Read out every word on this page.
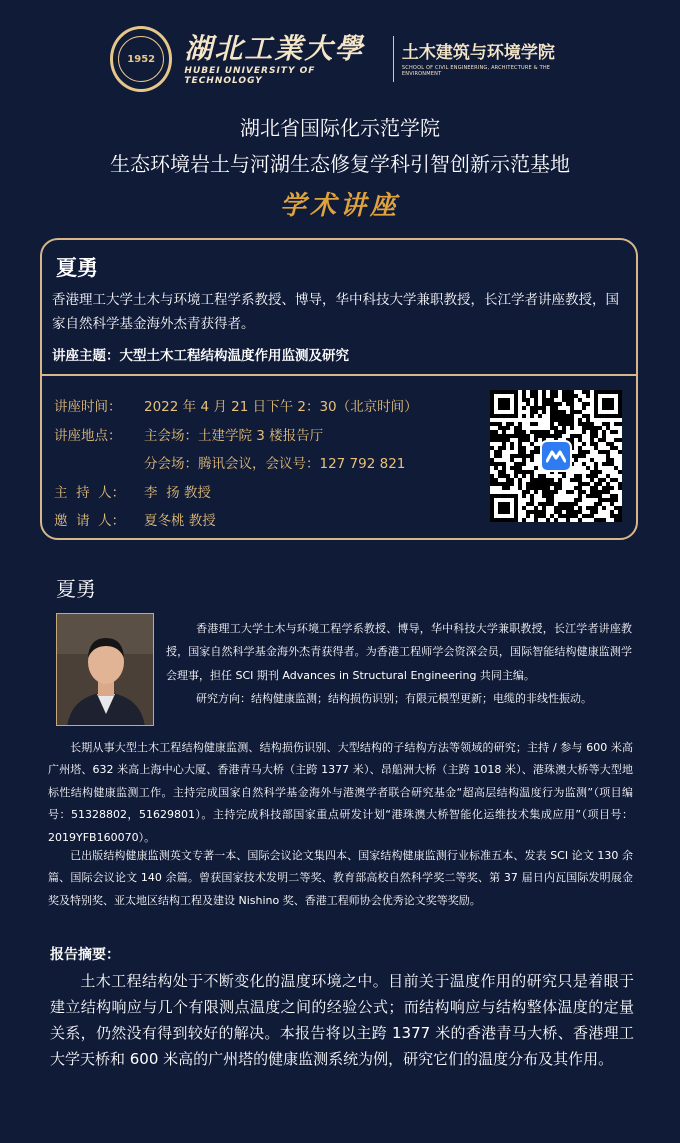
1952	湖北工業大學
HUBEI UNIVERSITY OF TECHNOLOGY
土木建筑与环境学院
SCHOOL OF CIVIL ENGINEERING, ARCHITECTURE & THE ENVIRONMENT
湖北省国际化示范学院
生态环境岩土与河湖生态修复学科引智创新示范基地
学术讲座
夏勇
香港理工大学土木与环境工程学系教授、博导，华中科技大学兼职教授，长江学者讲座教授，国家自然科学基金海外杰青获得者。
讲座主题：大型土木工程结构温度作用监测及研究
讲座时间：	2022 年 4 月 21 日下午 2：30（北京时间）
讲座地点：	主会场：土建学院 3 楼报告厅
分会场：腾讯会议，会议号：127 792 821
主  持  人：	李  扬 教授
邀  请  人：	夏冬桃 教授
夏勇
香港理工大学土木与环境工程学系教授、博导，华中科技大学兼职教授，长江学者讲座教授，国家自然科学基金海外杰青获得者。为香港工程师学会资深会员，国际智能结构健康监测学会理事，担任 SCI 期刊 Advances in Structural Engineering 共同主编。
研究方向：结构健康监测；结构损伤识别；有限元模型更新；电缆的非线性振动。
长期从事大型土木工程结构健康监测、结构损伤识别、大型结构的子结构方法等领域的研究；主持 / 参与 600 米高广州塔、632 米高上海中心大厦、香港青马大桥（主跨 1377 米）、昂船洲大桥（主跨 1018 米）、港珠澳大桥等大型地标性结构健康监测工作。主持完成国家自然科学基金海外与港澳学者联合研究基金“超高层结构温度行为监测”（项目编号：51328802，51629801）。主持完成科技部国家重点研发计划“港珠澳大桥智能化运维技术集成应用”（项目号：2019YFB160070）。
已出版结构健康监测英文专著一本、国际会议论文集四本、国家结构健康监测行业标准五本、发表 SCI 论文 130 余篇、国际会议论文 140 余篇。曾获国家技术发明二等奖、教育部高校自然科学奖二等奖、第 37 届日内瓦国际发明展金奖及特别奖、亚太地区结构工程及建设 Nishino 奖、香港工程师协会优秀论文奖等奖励。
报告摘要：
土木工程结构处于不断变化的温度环境之中。目前关于温度作用的研究只是着眼于建立结构响应与几个有限测点温度之间的经验公式；而结构响应与结构整体温度的定量关系，仍然没有得到较好的解决。本报告将以主跨 1377 米的香港青马大桥、香港理工大学天桥和 600 米高的广州塔的健康监测系统为例，研究它们的温度分布及其作用。
